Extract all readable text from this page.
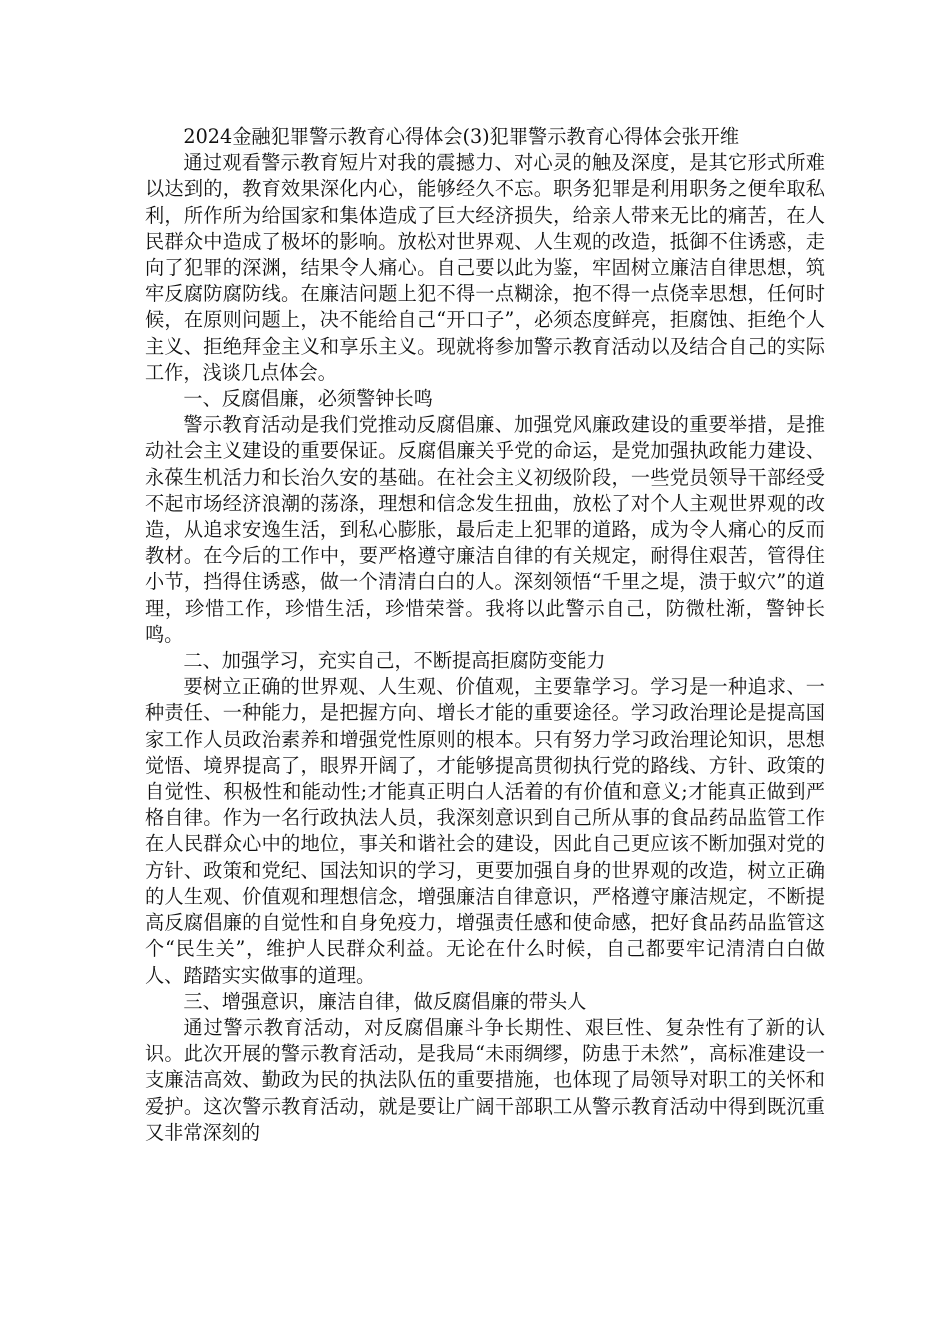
2024金融犯罪警示教育心得体会(3)犯罪警示教育心得体会张开维

通过观看警示教育短片对我的震撼力、对心灵的触及深度，是其它形式所难以达到的，教育效果深化内心，能够经久不忘。职务犯罪是利用职务之便牟取私利，所作所为给国家和集体造成了巨大经济损失，给亲人带来无比的痛苦，在人民群众中造成了极坏的影响。放松对世界观、人生观的改造，抵御不住诱惑，走向了犯罪的深渊，结果令人痛心。自己要以此为鉴，牢固树立廉洁自律思想，筑牢反腐防腐防线。在廉洁问题上犯不得一点糊涂，抱不得一点侥幸思想，任何时候，在原则问题上，决不能给自己“开口子”，必须态度鲜亮，拒腐蚀、拒绝个人主义、拒绝拜金主义和享乐主义。现就将参加警示教育活动以及结合自己的实际工作，浅谈几点体会。

一、反腐倡廉，必须警钟长鸣

警示教育活动是我们党推动反腐倡廉、加强党风廉政建设的重要举措，是推动社会主义建设的重要保证。反腐倡廉关乎党的命运，是党加强执政能力建设、永葆生机活力和长治久安的基础。在社会主义初级阶段，一些党员领导干部经受不起市场经济浪潮的荡涤，理想和信念发生扭曲，放松了对个人主观世界观的改造，从追求安逸生活，到私心膨胀，最后走上犯罪的道路，成为令人痛心的反而教材。在今后的工作中，要严格遵守廉洁自律的有关规定，耐得住艰苦，管得住小节，挡得住诱惑，做一个清清白白的人。深刻领悟“千里之堤，溃于蚁穴”的道理，珍惜工作，珍惜生活，珍惜荣誉。我将以此警示自己，防微杜渐，警钟长鸣。

二、加强学习，充实自己，不断提高拒腐防变能力

要树立正确的世界观、人生观、价值观，主要靠学习。学习是一种追求、一种责任、一种能力，是把握方向、增长才能的重要途径。学习政治理论是提高国家工作人员政治素养和增强党性原则的根本。只有努力学习政治理论知识，思想觉悟、境界提高了，眼界开阔了，才能够提高贯彻执行党的路线、方针、政策的自觉性、积极性和能动性;才能真正明白人活着的有价值和意义;才能真正做到严格自律。作为一名行政执法人员，我深刻意识到自己所从事的食品药品监管工作在人民群众心中的地位，事关和谐社会的建设，因此自己更应该不断加强对党的方针、政策和党纪、国法知识的学习，更要加强自身的世界观的改造，树立正确的人生观、价值观和理想信念，增强廉洁自律意识，严格遵守廉洁规定，不断提高反腐倡廉的自觉性和自身免疫力，增强责任感和使命感，把好食品药品监管这个“民生关”，维护人民群众利益。无论在什么时候，自己都要牢记清清白白做人、踏踏实实做事的道理。

三、增强意识，廉洁自律，做反腐倡廉的带头人

通过警示教育活动，对反腐倡廉斗争长期性、艰巨性、复杂性有了新的认识。此次开展的警示教育活动，是我局“未雨绸缪，防患于未然”，高标准建设一支廉洁高效、勤政为民的执法队伍的重要措施，也体现了局领导对职工的关怀和爱护。这次警示教育活动，就是要让广阔干部职工从警示教育活动中得到既沉重又非常深刻的
